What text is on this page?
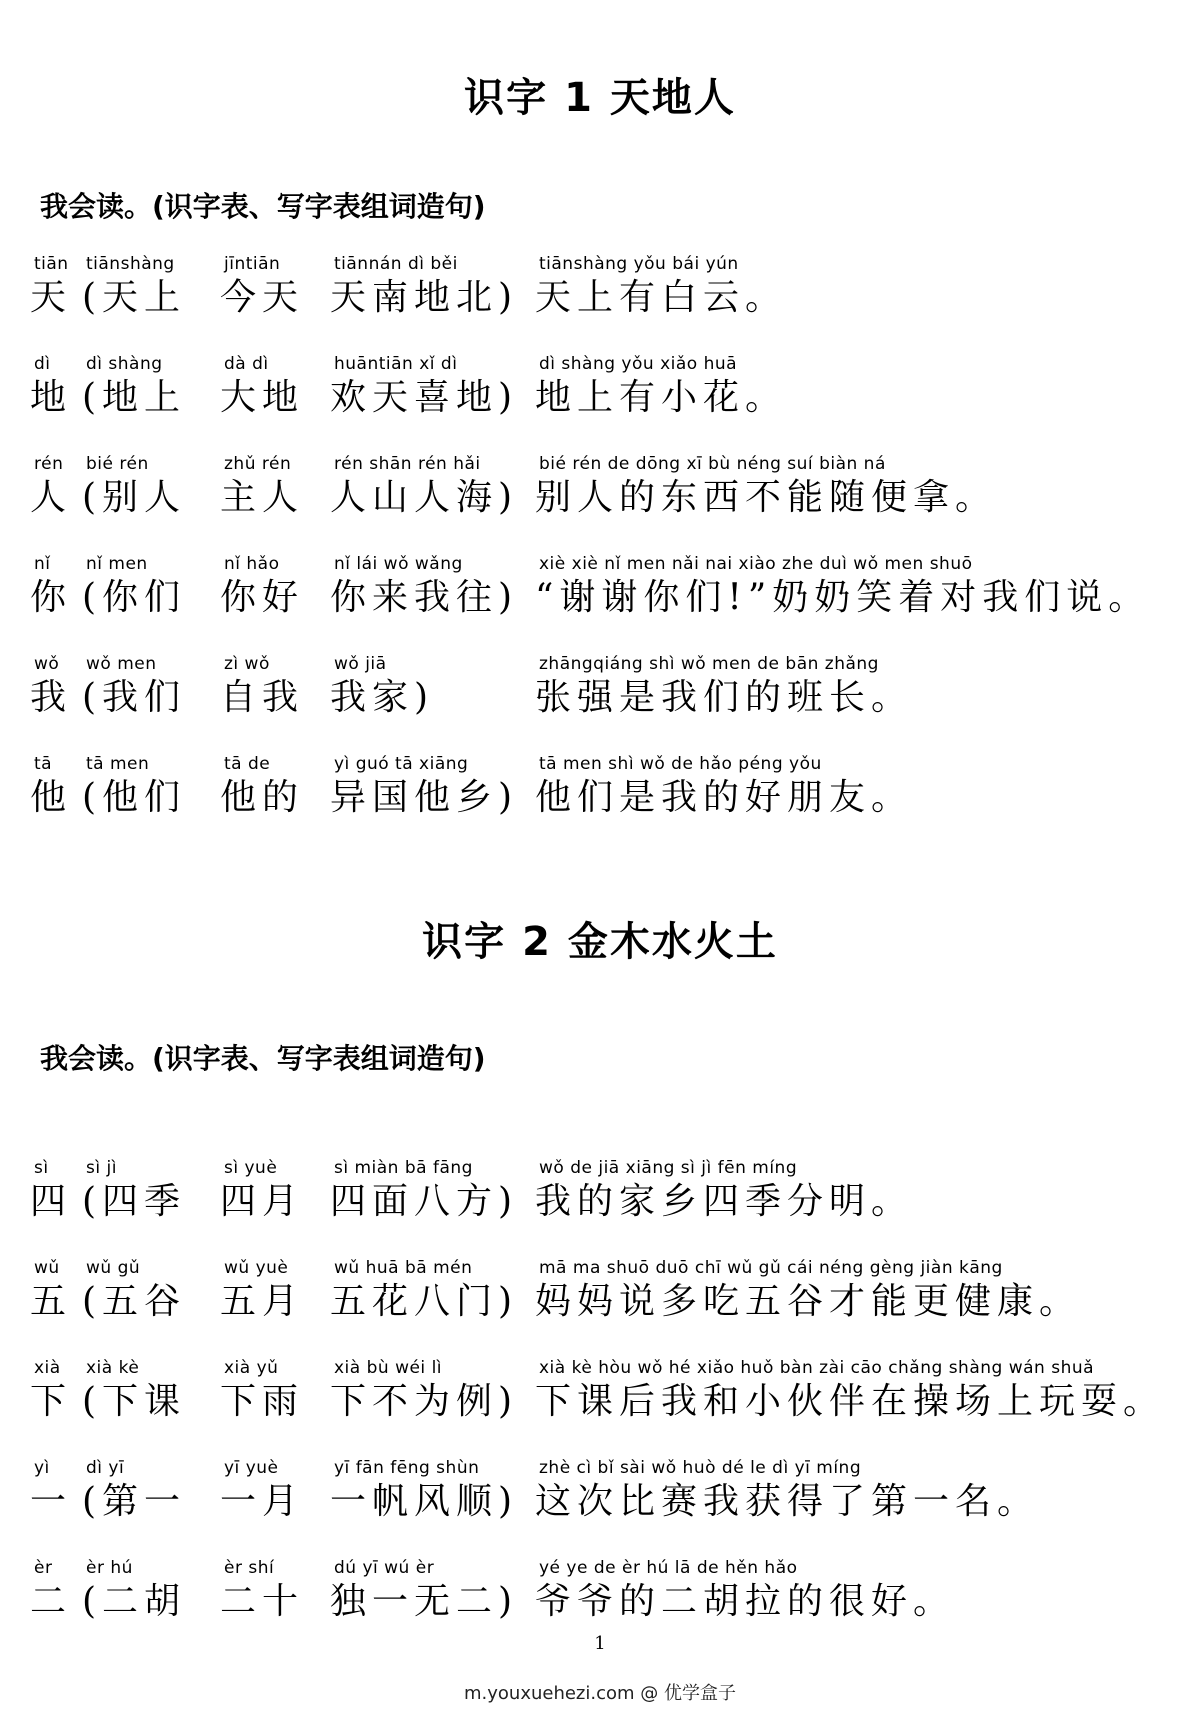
识字 1 天地人
我会读。(识字表、写字表组词造句)
tiān
天
tiānshàng
(天上
jīntiān
今天
tiānnán dì běi
天南地北)
tiānshàng yǒu bái yún
天上有白云。
dì
地
dì shàng
(地上
dà dì
大地
huāntiān xǐ dì
欢天喜地)
dì shàng yǒu xiǎo huā
地上有小花。
rén
人
bié rén
(别人
zhǔ rén
主人
rén shān rén hǎi
人山人海)
bié rén de dōng xī bù néng suí biàn ná
别人的东西不能随便拿。
nǐ
你
nǐ men
(你们
nǐ hǎo
你好
nǐ lái wǒ wǎng
你来我往)
xiè xiè nǐ men nǎi nai xiào zhe duì wǒ men shuō
“谢谢你们!”奶奶笑着对我们说。
wǒ
我
wǒ men
(我们
zì wǒ
自我
wǒ jiā
我家)
zhāngqiáng shì wǒ men de bān zhǎng
张强是我们的班长。
tā
他
tā men
(他们
tā de
他的
yì guó tā xiāng
异国他乡)
tā men shì wǒ de hǎo péng yǒu
他们是我的好朋友。
识字 2 金木水火土
我会读。(识字表、写字表组词造句)
sì
四
sì jì
(四季
sì yuè
四月
sì miàn bā fāng
四面八方)
wǒ de jiā xiāng sì jì fēn míng
我的家乡四季分明。
wǔ
五
wǔ gǔ
(五谷
wǔ yuè
五月
wǔ huā bā mén
五花八门)
mā ma shuō duō chī wǔ gǔ cái néng gèng jiàn kāng
妈妈说多吃五谷才能更健康。
xià
下
xià kè
(下课
xià yǔ
下雨
xià bù wéi lì
下不为例)
xià kè hòu wǒ hé xiǎo huǒ bàn zài cāo chǎng shàng wán shuǎ
下课后我和小伙伴在操场上玩耍。
yì
一
dì yī
(第一
yī yuè
一月
yī fān fēng shùn
一帆风顺)
zhè cì bǐ sài wǒ huò dé le dì yī míng
这次比赛我获得了第一名。
èr
二
èr hú
(二胡
èr shí
二十
dú yī wú èr
独一无二)
yé ye de èr hú lā de hěn hǎo
爷爷的二胡拉的很好。
1
m.youxuehezi.com @ 优学盒子
